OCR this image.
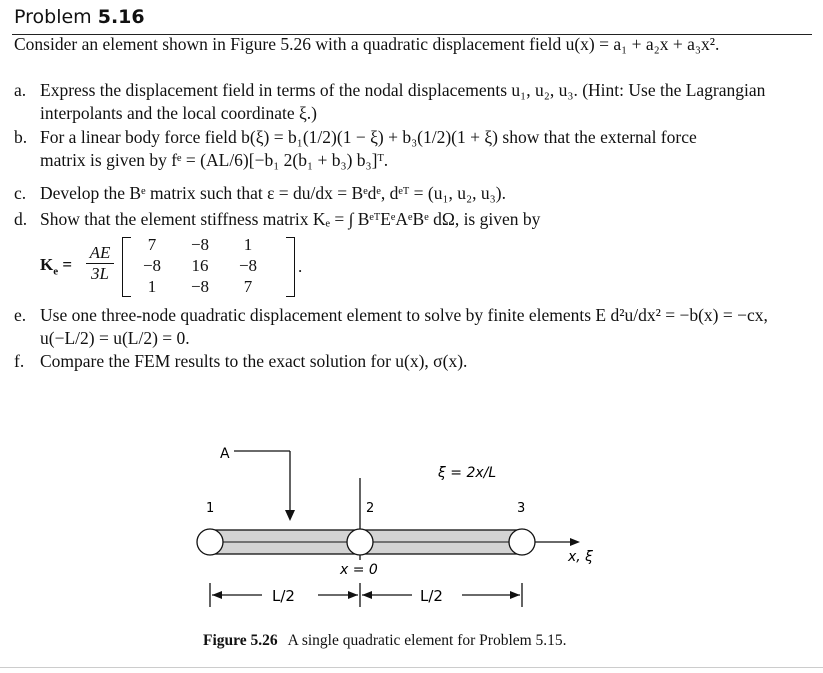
Problem 5.16
Consider an element shown in Figure 5.26 with a quadratic displacement field u(x) = a₁ + a₂x + a₃x².
a. Express the displacement field in terms of the nodal displacements u₁, u₂, u₃. (Hint: Use the Lagrangian
interpolants and the local coordinate ξ.)
b. For a linear body force field b(ξ) = b₁(1/2)(1 − ξ) + b₃(1/2)(1 + ξ) show that the external force
matrix is given by fᵉ = (AL/6)[−b₁ 2(b₁ + b₃) b₃]ᵀ.
c. Develop the Bᵉ matrix such that ε = du/dx = Bᵉdᵉ, dᵉᵀ = (u₁, u₂, u₃).
d. Show that the element stiffness matrix Kₑ = ∫ BᵉᵀEᵉAᵉBᵉ dΩ, is given by
$K_e = \frac{AE}{3L}$	7	−8	1
−8	16	−8
1	−8	7
.
e. Use one three-node quadratic displacement element to solve by finite elements E d²u/dx² = −b(x) = −cx,
u(−L/2) = u(L/2) = 0.
f. Compare the FEM results to the exact solution for u(x), σ(x).
A
ξ = 2x/L
1	2	3
x, ξ
x = 0
L/2	L/2
Figure 5.26 A single quadratic element for Problem 5.15.
